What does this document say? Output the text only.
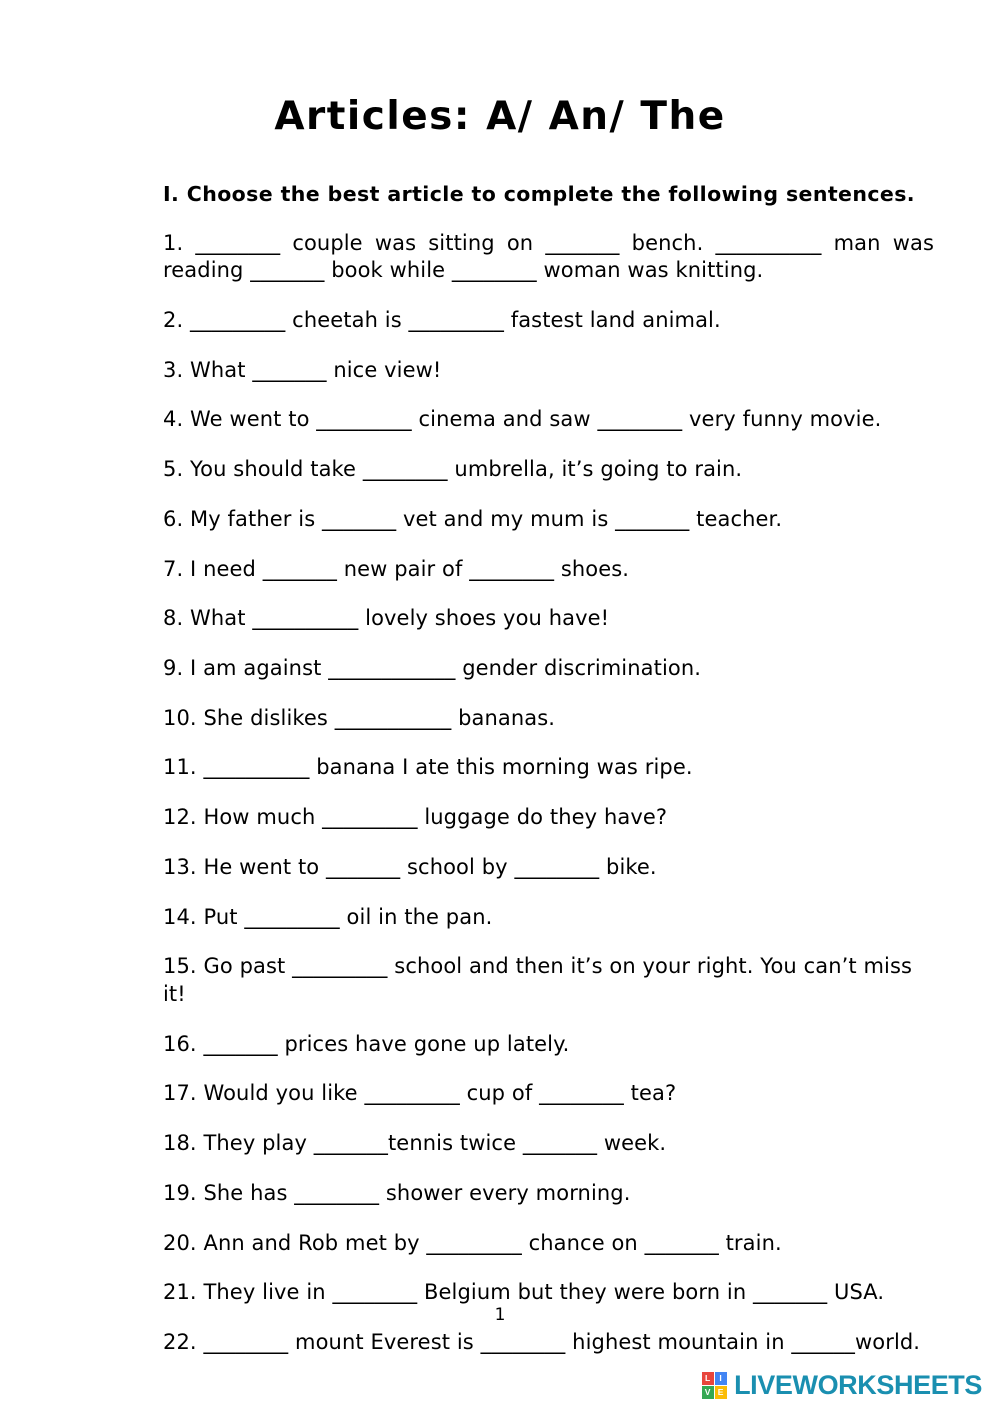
Articles: A/ An/ The

I. Choose the best article to complete the following sentences.

1. ________ couple was sitting on _______ bench. __________ man was reading _______ book while ________ woman was knitting.

2. _________ cheetah is _________ fastest land animal.

3. What _______ nice view!

4. We went to _________ cinema and saw ________ very funny movie.

5. You should take ________ umbrella, it’s going to rain.

6. My father is _______ vet and my mum is _______ teacher.

7. I need _______ new pair of ________ shoes.

8. What __________ lovely shoes you have!

9. I am against ____________ gender discrimination.

10. She dislikes ___________ bananas.

11. __________ banana I ate this morning was ripe.

12. How much _________ luggage do they have?

13. He went to _______ school by ________ bike.

14. Put _________ oil in the pan.

15. Go past _________ school and then it’s on your right. You can’t miss it!

16. _______ prices have gone up lately.

17. Would you like _________ cup of ________ tea?

18. They play _______tennis twice _______ week.

19. She has ________ shower every morning.

20. Ann and Rob met by _________ chance on _______ train.

21. They live in ________ Belgium but they were born in _______ USA.

22. ________ mount Everest is ________ highest mountain in ______world.

1
L	I
V E LIVEWORKSHEETS
